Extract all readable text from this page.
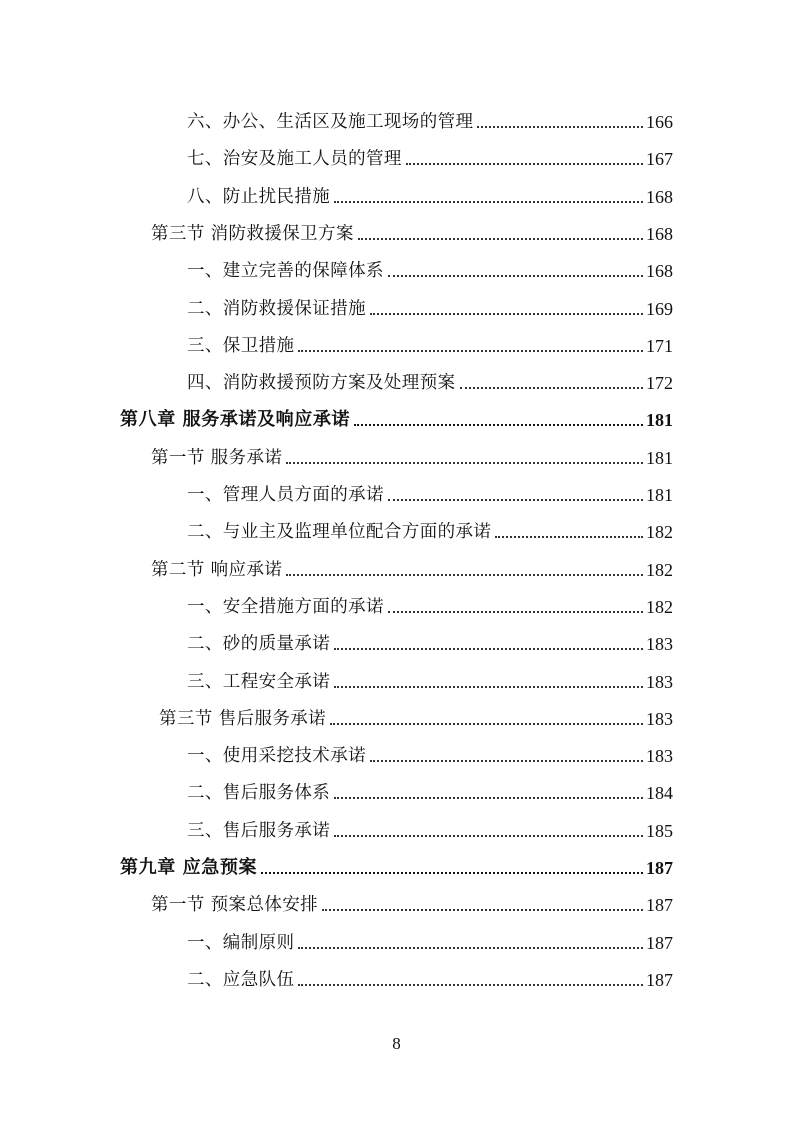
六、办公、生活区及施工现场的管理	166
七、治安及施工人员的管理	167
八、防止扰民措施	168
第三节 消防救援保卫方案	168
一、建立完善的保障体系	168
二、消防救援保证措施	169
三、保卫措施	171
四、消防救援预防方案及处理预案	172
第八章 服务承诺及响应承诺	181
第一节 服务承诺	181
一、管理人员方面的承诺	181
二、与业主及监理单位配合方面的承诺	182
第二节 响应承诺	182
一、安全措施方面的承诺	182
二、砂的质量承诺	183
三、工程安全承诺	183
第三节 售后服务承诺	183
一、使用采挖技术承诺	183
二、售后服务体系	184
三、售后服务承诺	185
第九章 应急预案	187
第一节 预案总体安排	187
一、编制原则	187
二、应急队伍	187
8
